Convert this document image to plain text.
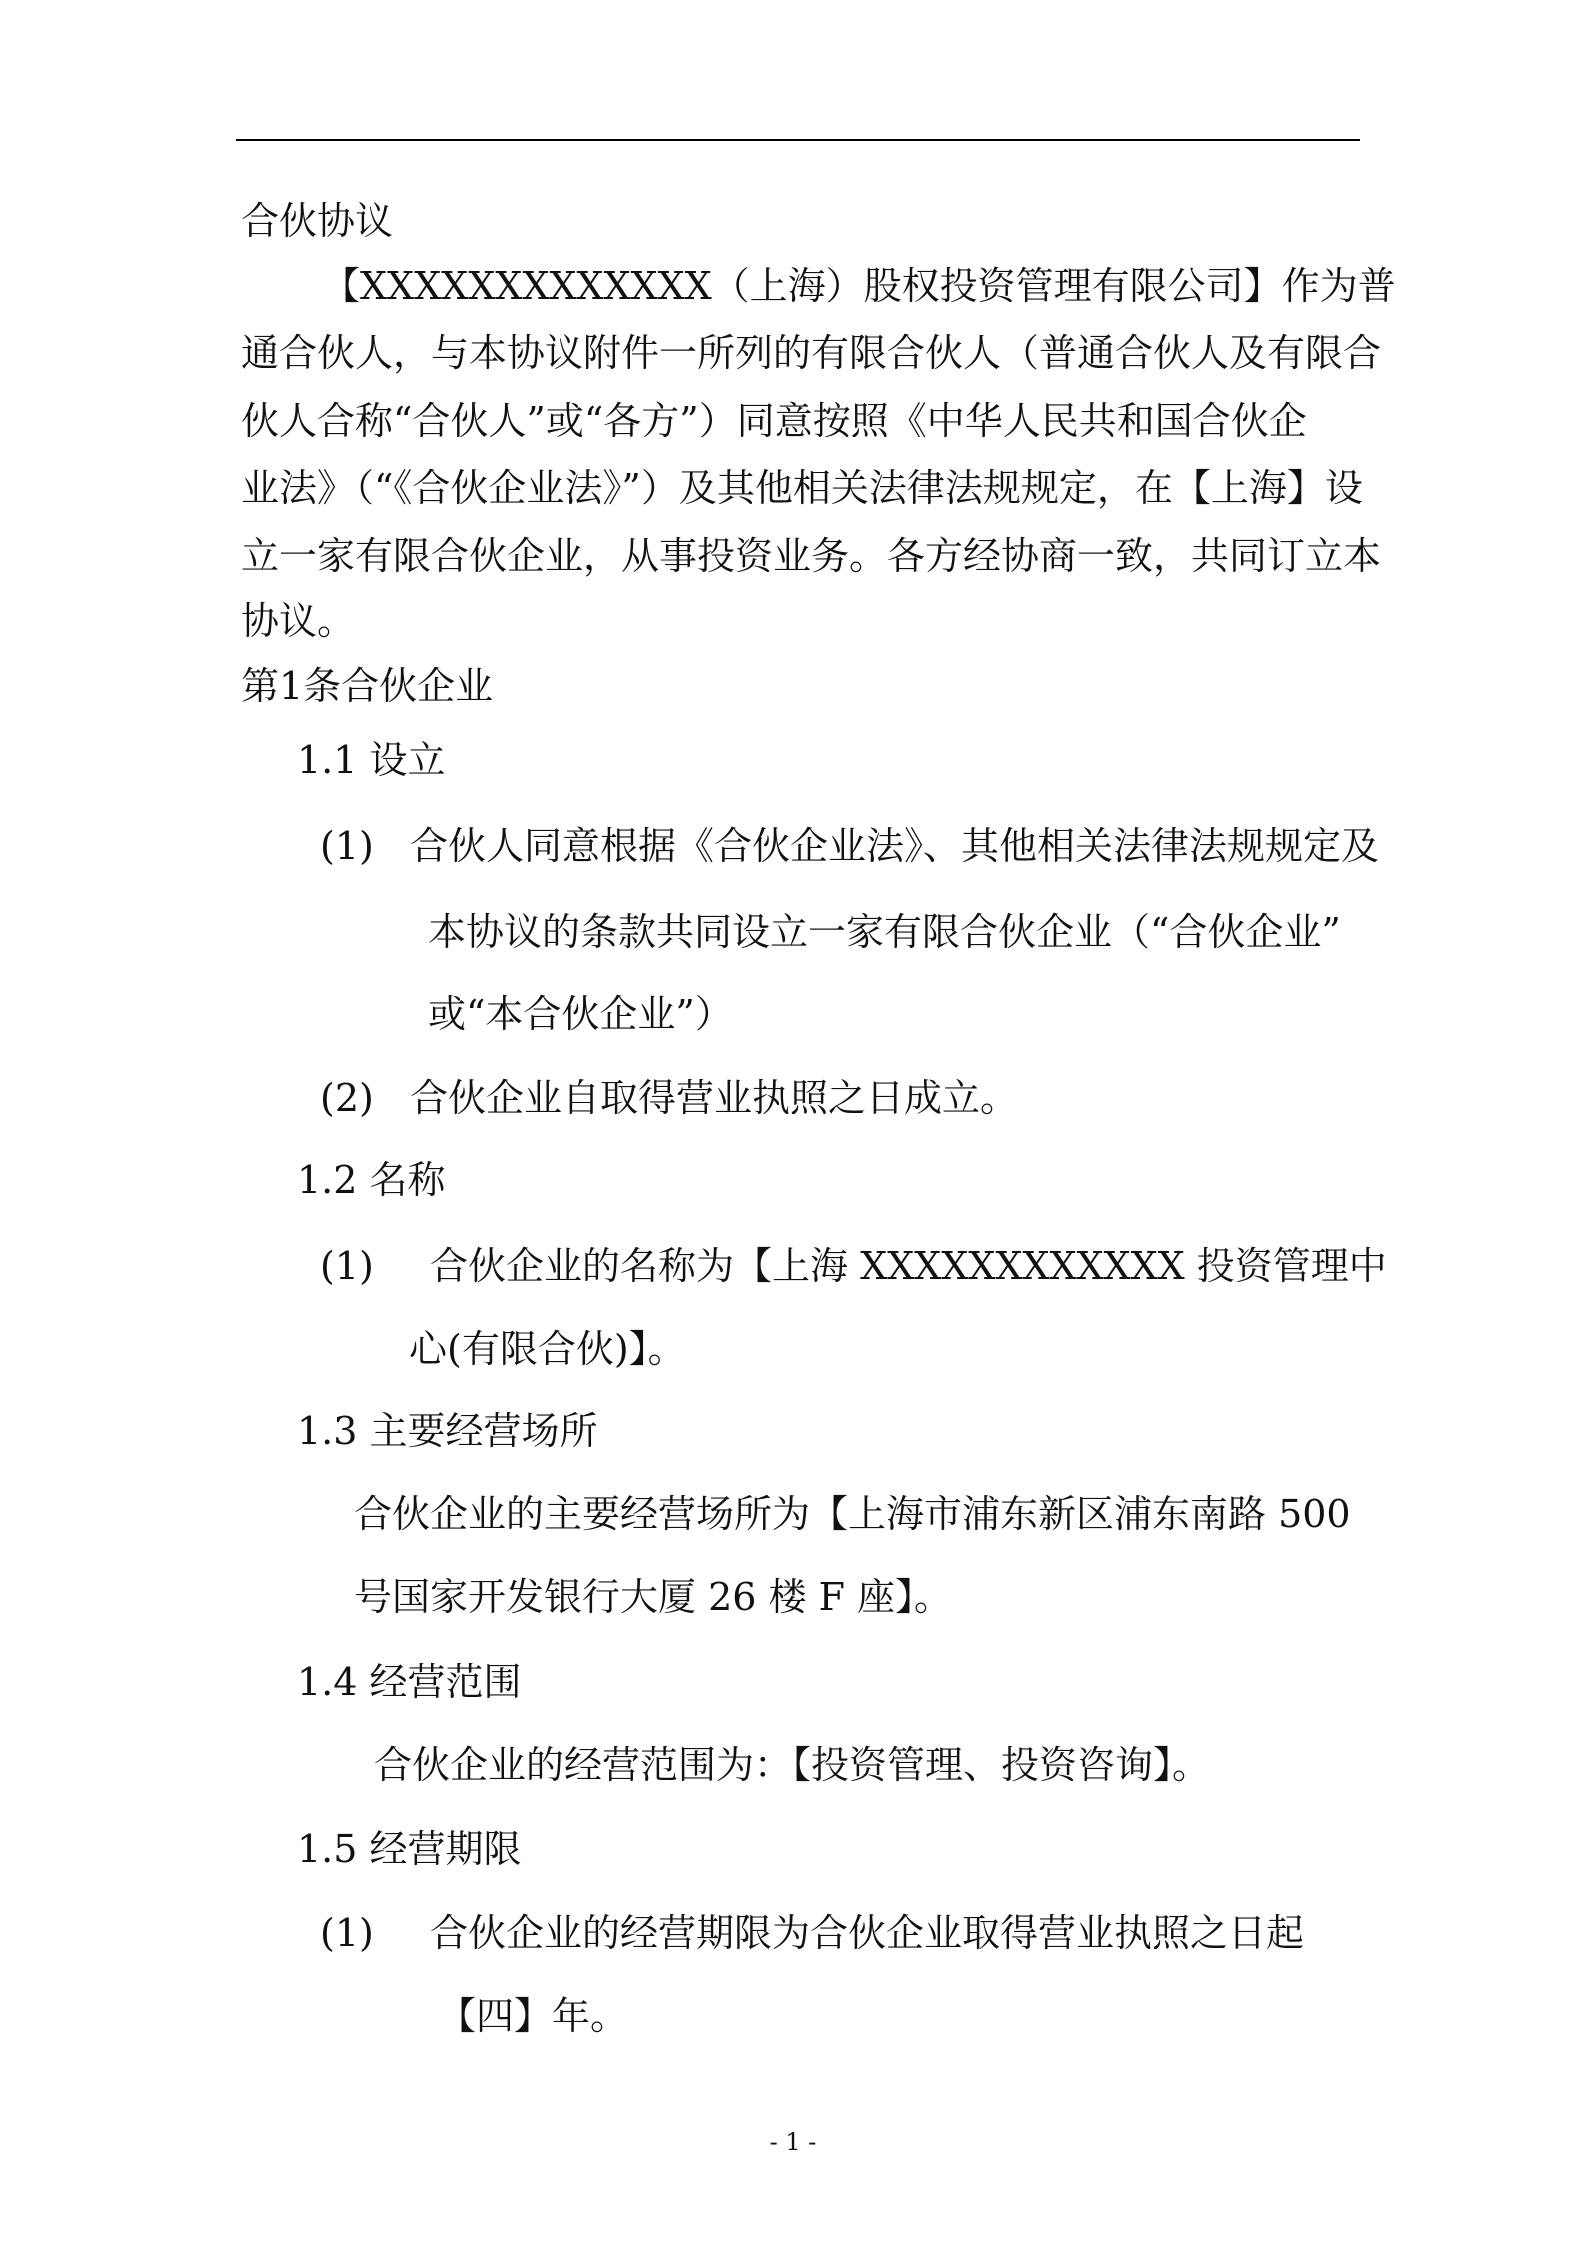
合伙协议
【XXXXXXXXXXXXX（上海）股权投资管理有限公司】作为普
通合伙人，与本协议附件一所列的有限合伙人（普通合伙人及有限合
伙人合称“合伙人”或“各方”）同意按照《中华人民共和国合伙企
业法》（“《合伙企业法》”）及其他相关法律法规规定，在【上海】设
立一家有限合伙企业，从事投资业务。各方经协商一致，共同订立本
协议。
第1条合伙企业
1.1 设立
(1) 合伙人同意根据《合伙企业法》、其他相关法律法规规定及
本协议的条款共同设立一家有限合伙企业（“合伙企业”
或“本合伙企业”）
(2) 合伙企业自取得营业执照之日成立。
1.2 名称
(1) 合伙企业的名称为【上海 XXXXXXXXXXXX 投资管理中
心(有限合伙)】。
1.3 主要经营场所
合伙企业的主要经营场所为【上海市浦东新区浦东南路 500
号国家开发银行大厦 26 楼 F 座】。
1.4 经营范围
合伙企业的经营范围为：【投资管理、投资咨询】。
1.5 经营期限
(1) 合伙企业的经营期限为合伙企业取得营业执照之日起
【四】年。
- 1 -
